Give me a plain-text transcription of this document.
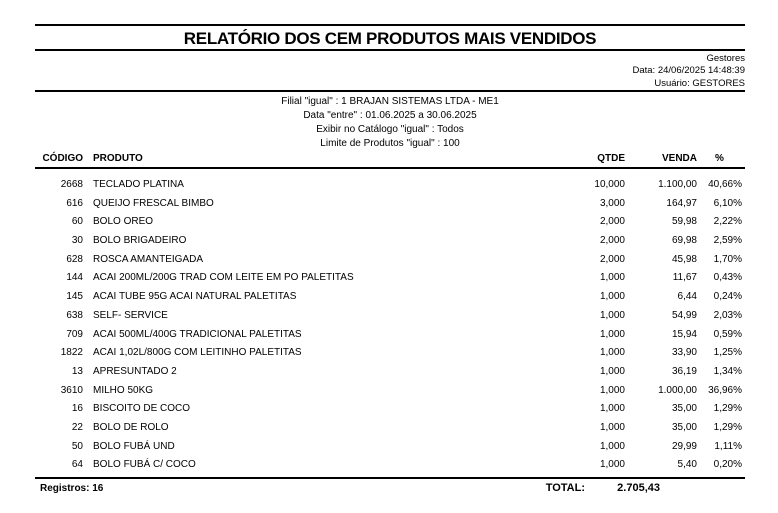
RELATÓRIO DOS CEM PRODUTOS MAIS VENDIDOS
Gestores
Data: 24/06/2025 14:48:39
Usuário: GESTORES
Filial "igual" : 1 BRAJAN SISTEMAS LTDA - ME1
Data "entre" : 01.06.2025 a 30.06.2025
Exibir no Catálogo "igual" : Todos
Limite de Produtos "igual" : 100
CÓDIGO PRODUTO	QTDE	VENDA	%
2668 TECLADO PLATINA	10,000	1.100,00	40,66%
616 QUEIJO FRESCAL BIMBO	3,000	164,97	6,10%
60 BOLO OREO	2,000	59,98	2,22%
30 BOLO BRIGADEIRO	2,000	69,98	2,59%
628 ROSCA AMANTEIGADA	2,000	45,98	1,70%
144 ACAI 200ML/200G TRAD COM LEITE EM PO PALETITAS	1,000	11,67	0,43%
145 ACAI TUBE 95G ACAI NATURAL PALETITAS	1,000	6,44	0,24%
638 SELF- SERVICE	1,000	54,99	2,03%
709 ACAI 500ML/400G TRADICIONAL PALETITAS	1,000	15,94	0,59%
1822 ACAI 1,02L/800G COM LEITINHO PALETITAS	1,000	33,90	1,25%
13 APRESUNTADO 2	1,000	36,19	1,34%
3610 MILHO 50KG	1,000	1.000,00	36,96%
16 BISCOITO DE COCO	1,000	35,00	1,29%
22 BOLO DE ROLO	1,000	35,00	1,29%
50 BOLO FUBÁ UND	1,000	29,99	1,11%
64 BOLO FUBÁ C/ COCO	1,000	5,40	0,20%
Registros: 16	TOTAL:	2.705,43
